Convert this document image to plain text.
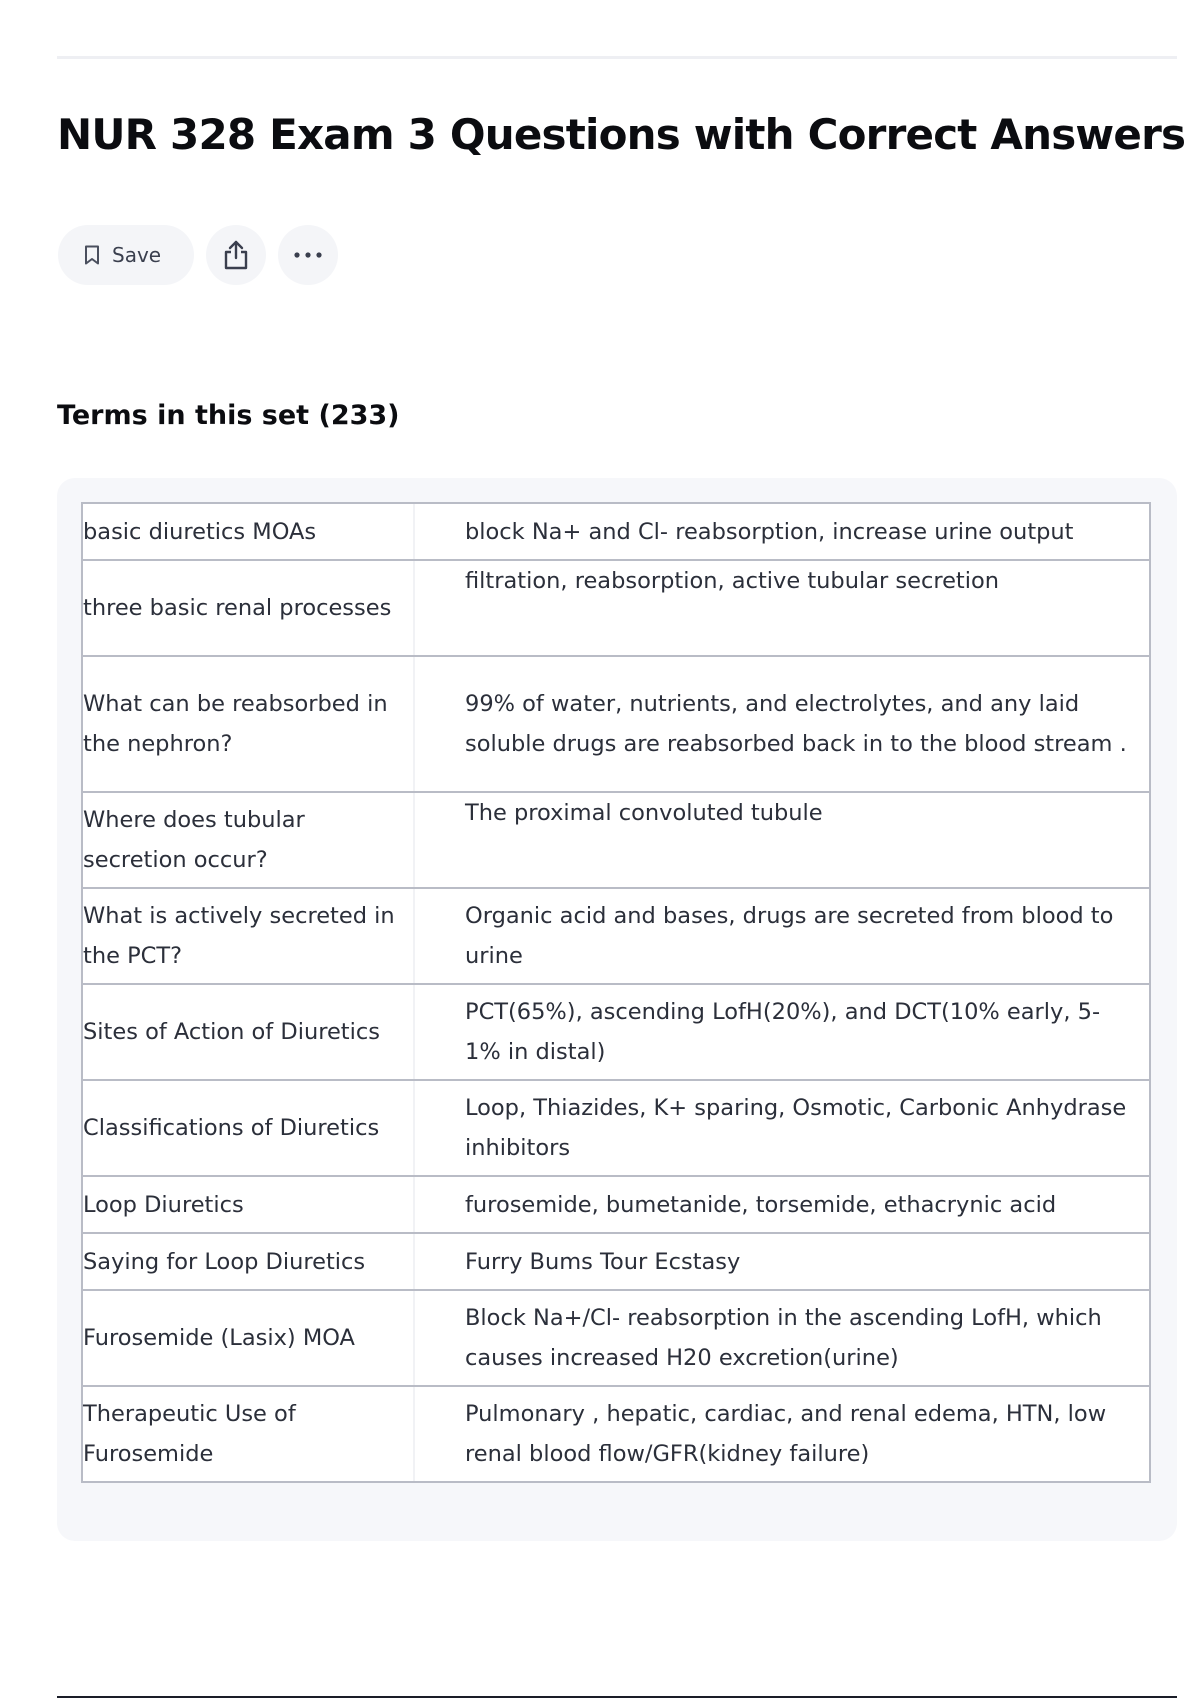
NUR 328 Exam 3 Questions with Correct Answers
Save
Terms in this set (233)
basic diuretics MOAs	block Na+ and Cl- reabsorption, increase urine output
three basic renal processes	filtration, reabsorption, active tubular secretion
What can be reabsorbed in the nephron?	99% of water, nutrients, and electrolytes, and any laid soluble drugs are reabsorbed back in to the blood stream .
Where does tubular secretion occur?	The proximal convoluted tubule
What is actively secreted in the PCT?	Organic acid and bases, drugs are secreted from blood to urine
Sites of Action of Diuretics	PCT(65%), ascending LofH(20%), and DCT(10% early, 5-1% in distal)
Classifications of Diuretics	Loop, Thiazides, K+ sparing, Osmotic, Carbonic Anhydrase inhibitors
Loop Diuretics	furosemide, bumetanide, torsemide, ethacrynic acid
Saying for Loop Diuretics	Furry Bums Tour Ecstasy
Furosemide (Lasix) MOA	Block Na+/Cl- reabsorption in the ascending LofH, which causes increased H20 excretion(urine)
Therapeutic Use of Furosemide	Pulmonary , hepatic, cardiac, and renal edema, HTN, low renal blood flow/GFR(kidney failure)
